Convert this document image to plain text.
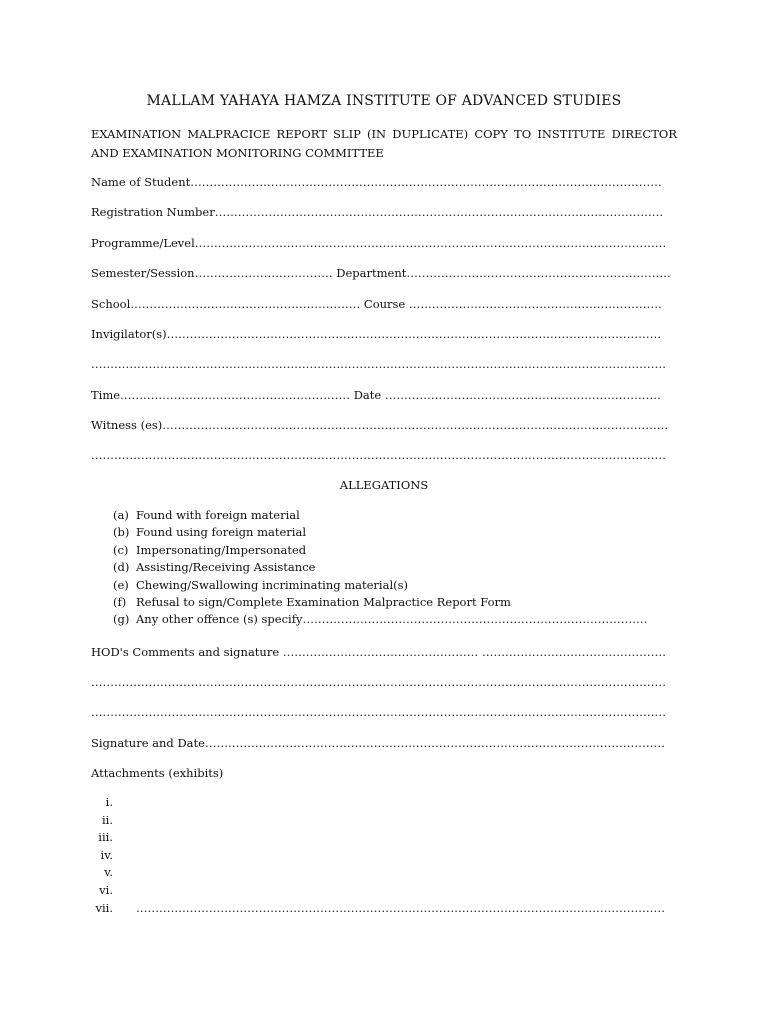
MALLAM YAHAYA HAMZA INSTITUTE OF ADVANCED STUDIES
EXAMINATION MALPRACICE REPORT SLIP (IN DUPLICATE) COPY TO INSTITUTE DIRECTOR AND EXAMINATION MONITORING COMMITTEE
Name of Student……………………………………………………………………………………………………………
Registration Number………………………………………………………………………………………………………
Programme/Level……………………………………………………………………………………………………………
Semester/Session……………………………… Department……………………………………………………………
School…………………………………………………… Course …………………………………………………………
Invigilator(s)…………………………………………………………………………………………………………………
……………………………………………………………………………………………………………………………………
Time…………………………………………………… Date ………………………………………………………………
Witness (es)……………………………………………………………………………………………………………………
……………………………………………………………………………………………………………………………………
ALLEGATIONS
(a) Found with foreign material
(b) Found using foreign material
(c) Impersonating/Impersonated
(d) Assisting/Receiving Assistance
(e) Chewing/Swallowing incriminating material(s)
(f) Refusal to sign/Complete Examination Malpractice Report Form
(g) Any other offence (s) specify………………………………………………………………………………
HOD's Comments and signature …………………………………………… …………………………………………
……………………………………………………………………………………………………………………………………
……………………………………………………………………………………………………………………………………
Signature and Date…………………………………………………………………………………………………………
Attachments (exhibits)
i.
ii.
iii.
iv.
v.
vi.
vii. …………………………………………………………………………………………………………………………
